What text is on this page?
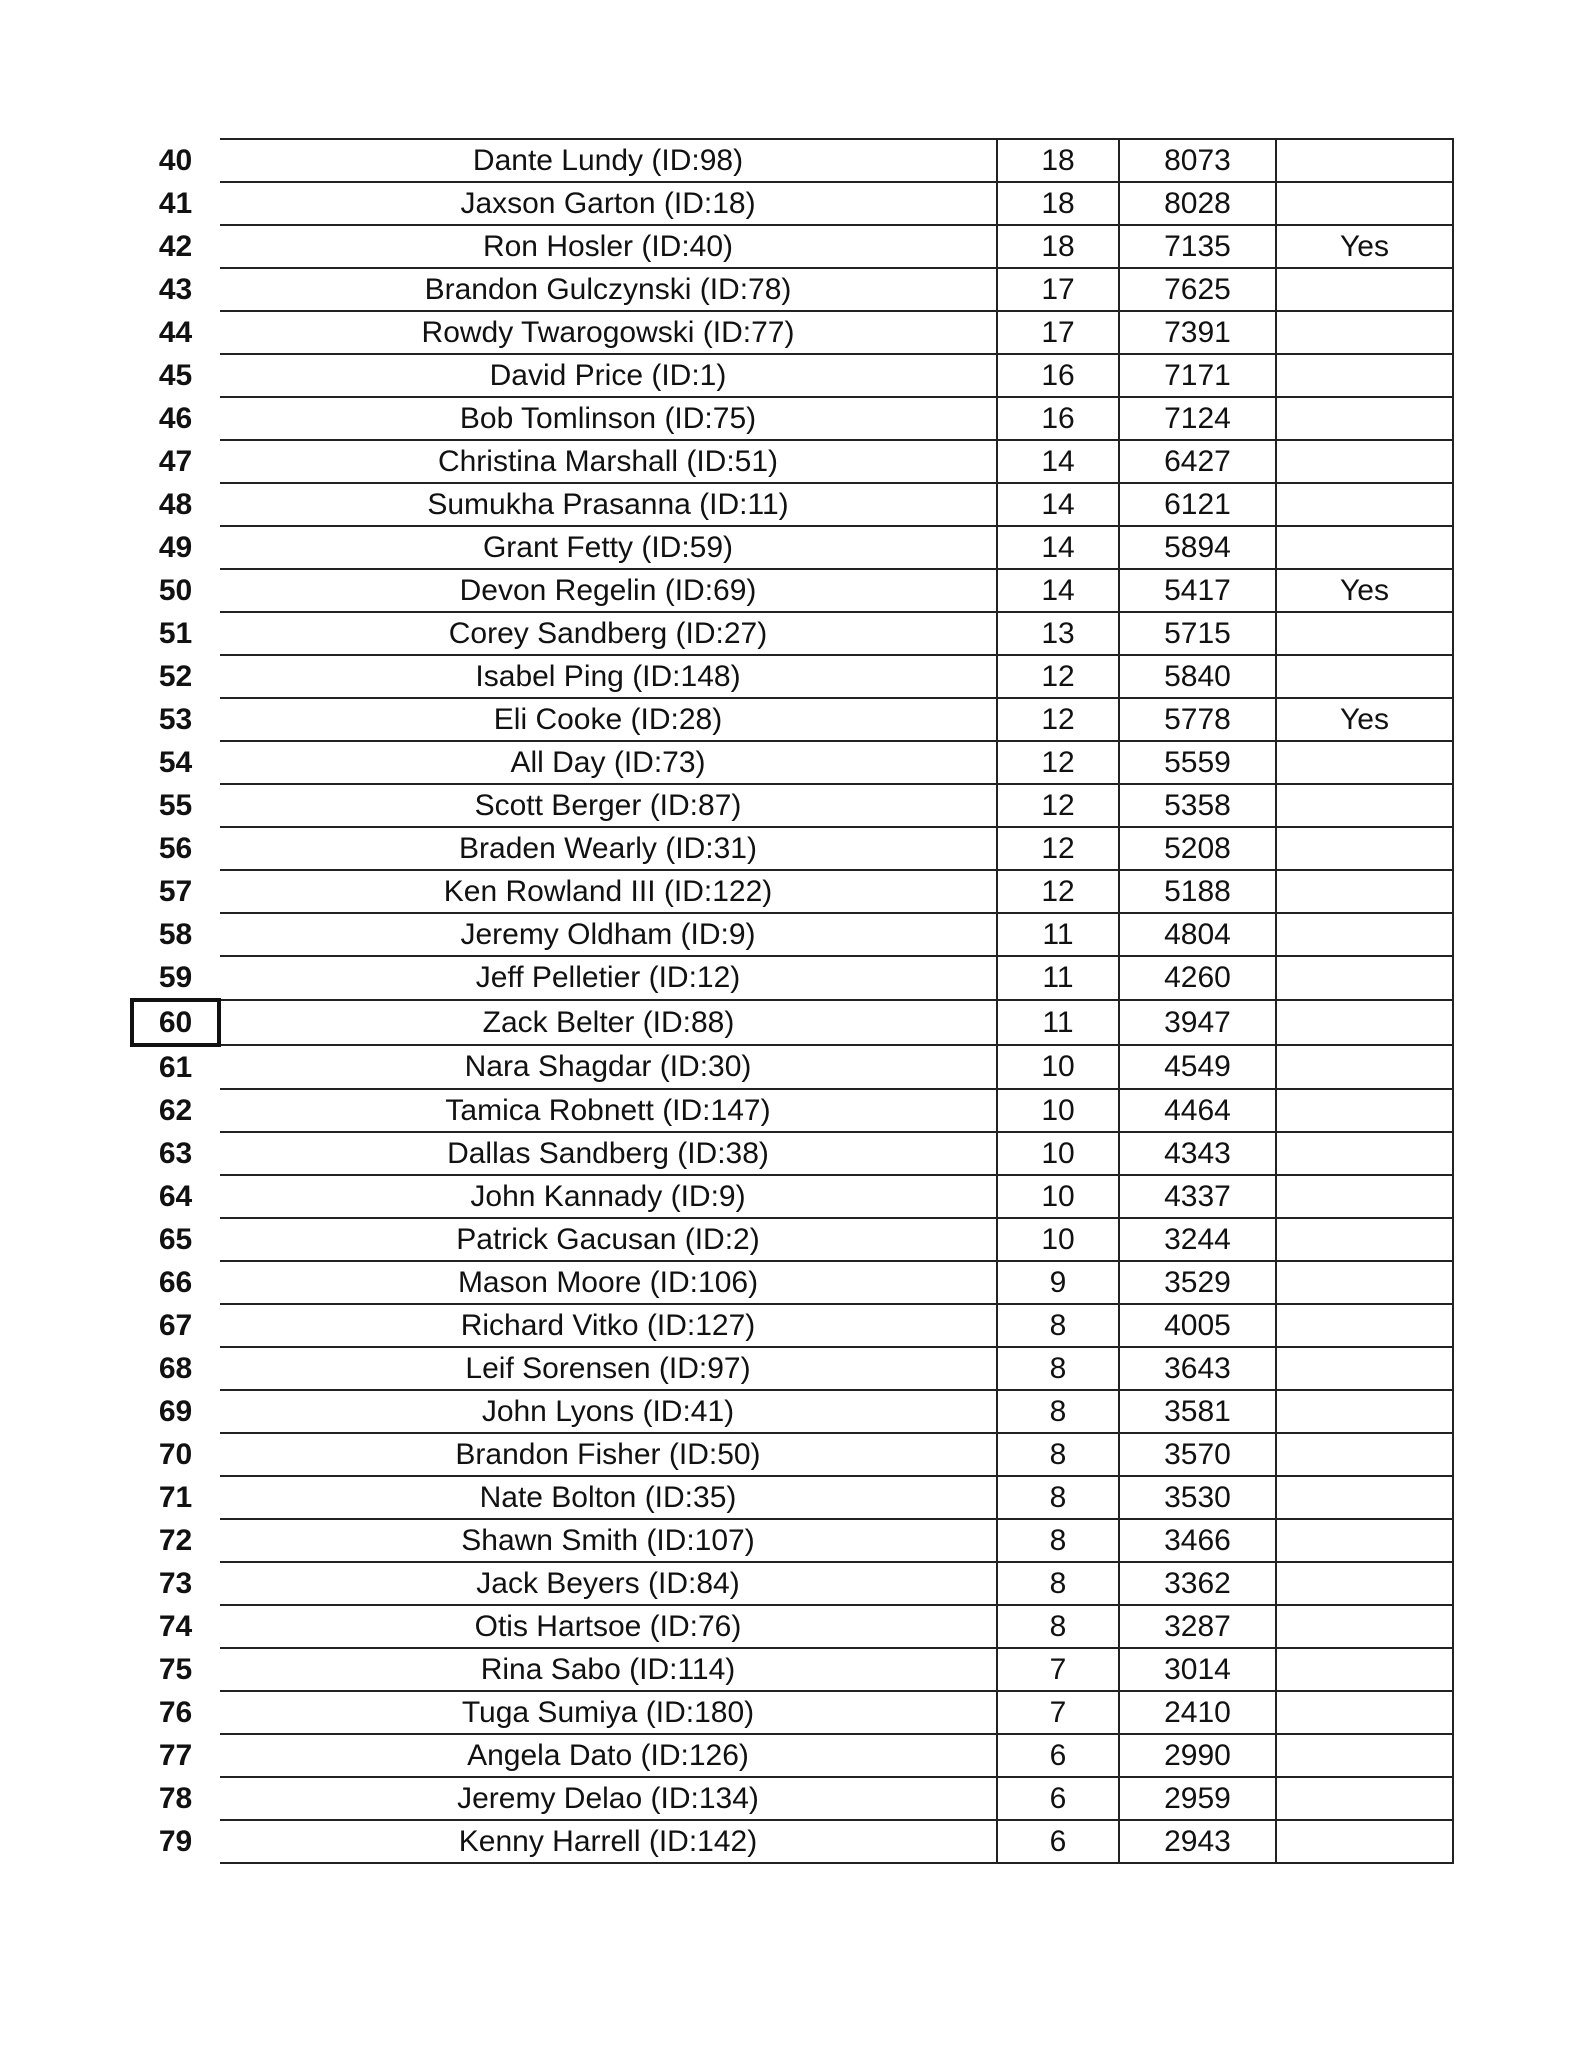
40	Dante Lundy (ID:98)	18	8073	
41	Jaxson Garton (ID:18)	18	8028	
42	Ron Hosler (ID:40)	18	7135	Yes
43	Brandon Gulczynski (ID:78)	17	7625	
44	Rowdy Twarogowski (ID:77)	17	7391	
45	David Price (ID:1)	16	7171	
46	Bob Tomlinson (ID:75)	16	7124	
47	Christina Marshall (ID:51)	14	6427	
48	Sumukha Prasanna (ID:11)	14	6121	
49	Grant Fetty (ID:59)	14	5894	
50	Devon Regelin (ID:69)	14	5417	Yes
51	Corey Sandberg (ID:27)	13	5715	
52	Isabel Ping (ID:148)	12	5840	
53	Eli Cooke (ID:28)	12	5778	Yes
54	All Day (ID:73)	12	5559	
55	Scott Berger (ID:87)	12	5358	
56	Braden Wearly (ID:31)	12	5208	
57	Ken Rowland III (ID:122)	12	5188	
58	Jeremy Oldham (ID:9)	11	4804	
59	Jeff Pelletier (ID:12)	11	4260	
60	Zack Belter (ID:88)	11	3947	
61	Nara Shagdar (ID:30)	10	4549	
62	Tamica Robnett (ID:147)	10	4464	
63	Dallas Sandberg (ID:38)	10	4343	
64	John Kannady (ID:9)	10	4337	
65	Patrick Gacusan (ID:2)	10	3244	
66	Mason Moore (ID:106)	9	3529	
67	Richard Vitko (ID:127)	8	4005	
68	Leif Sorensen (ID:97)	8	3643	
69	John Lyons (ID:41)	8	3581	
70	Brandon Fisher (ID:50)	8	3570	
71	Nate Bolton (ID:35)	8	3530	
72	Shawn Smith (ID:107)	8	3466	
73	Jack Beyers (ID:84)	8	3362	
74	Otis Hartsoe (ID:76)	8	3287	
75	Rina Sabo (ID:114)	7	3014	
76	Tuga Sumiya (ID:180)	7	2410	
77	Angela Dato (ID:126)	6	2990	
78	Jeremy Delao (ID:134)	6	2959	
79	Kenny Harrell (ID:142)	6	2943	
